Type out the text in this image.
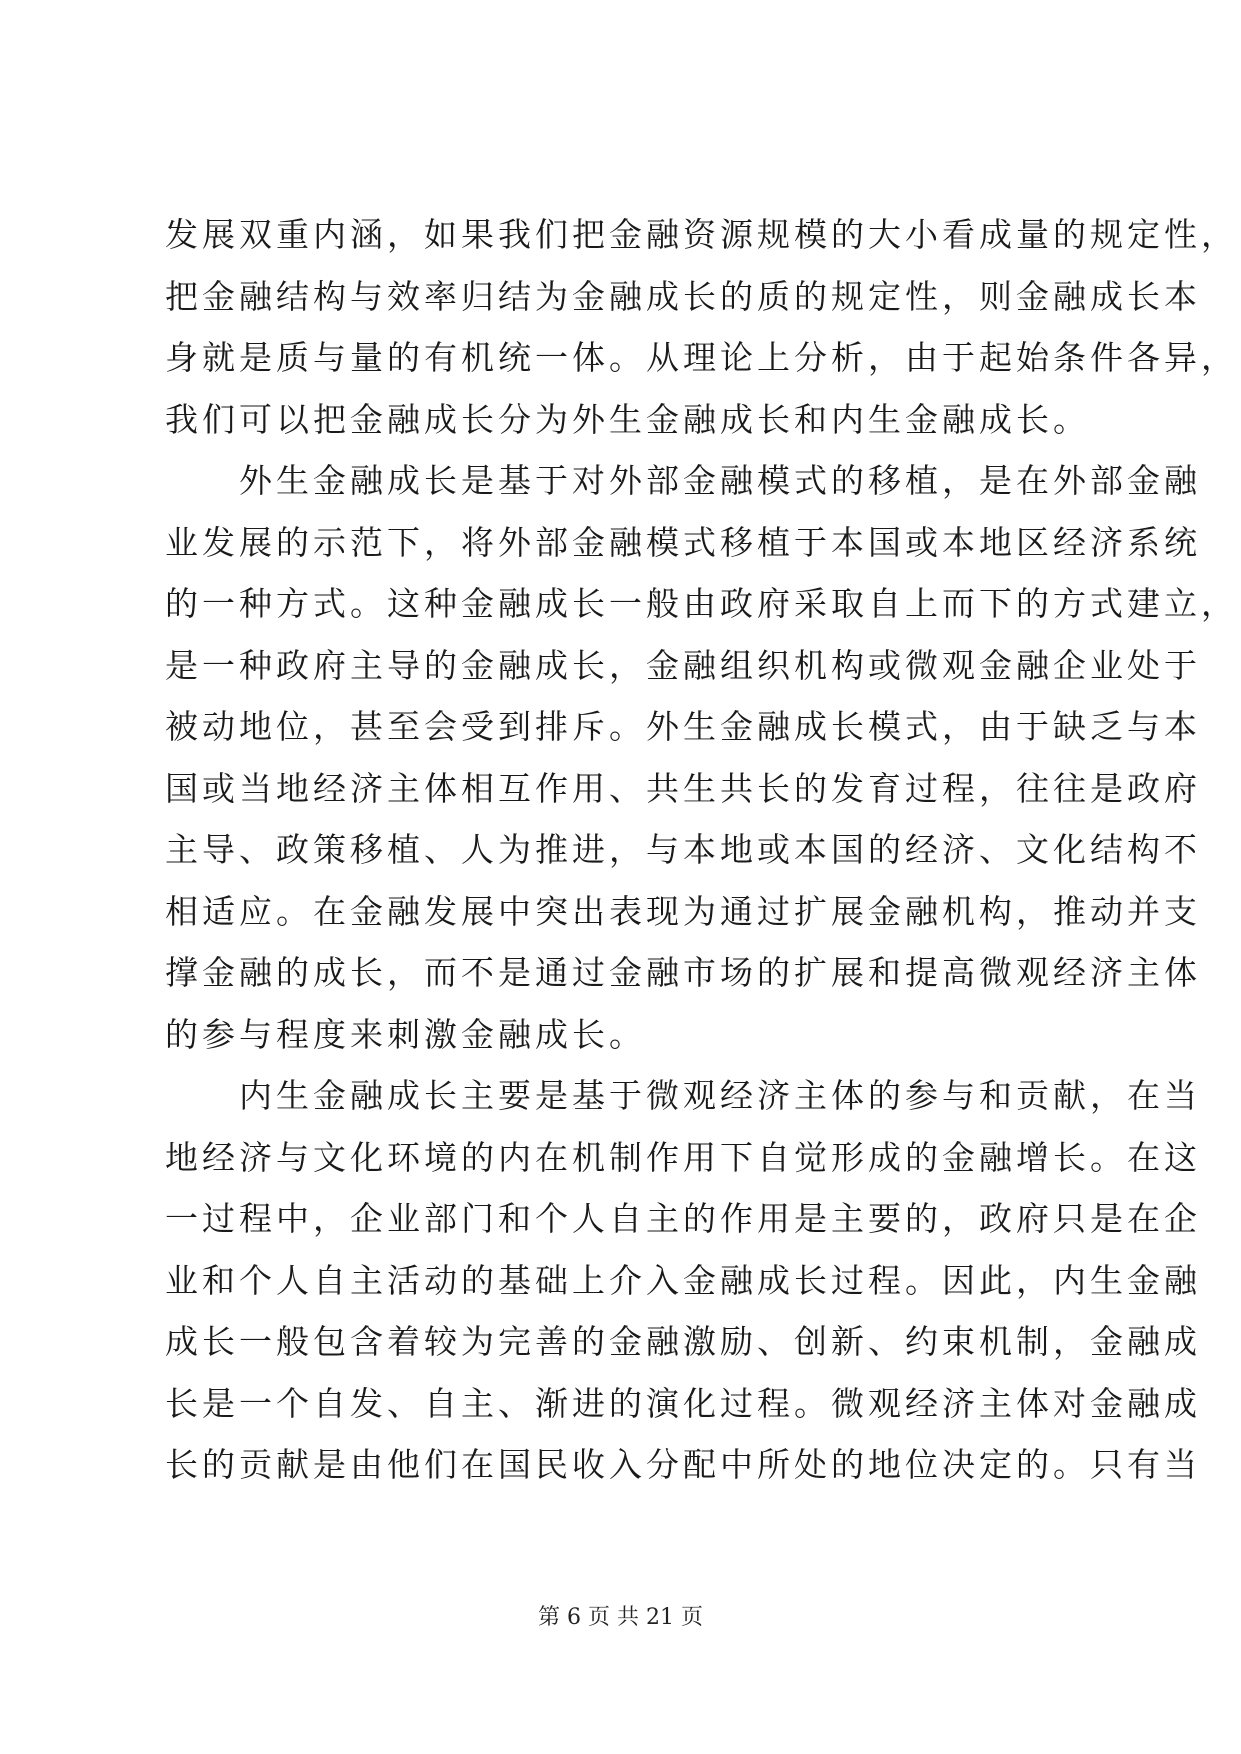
发展双重内涵，如果我们把金融资源规模的大小看成量的规定性，
把金融结构与效率归结为金融成长的质的规定性，则金融成长本
身就是质与量的有机统一体。从理论上分析，由于起始条件各异，
我们可以把金融成长分为外生金融成长和内生金融成长。
　　外生金融成长是基于对外部金融模式的移植，是在外部金融
业发展的示范下，将外部金融模式移植于本国或本地区经济系统
的一种方式。这种金融成长一般由政府采取自上而下的方式建立，
是一种政府主导的金融成长，金融组织机构或微观金融企业处于
被动地位，甚至会受到排斥。外生金融成长模式，由于缺乏与本
国或当地经济主体相互作用、共生共长的发育过程，往往是政府
主导、政策移植、人为推进，与本地或本国的经济、文化结构不
相适应。在金融发展中突出表现为通过扩展金融机构，推动并支
撑金融的成长，而不是通过金融市场的扩展和提高微观经济主体
的参与程度来刺激金融成长。
　　内生金融成长主要是基于微观经济主体的参与和贡献，在当
地经济与文化环境的内在机制作用下自觉形成的金融增长。在这
一过程中，企业部门和个人自主的作用是主要的，政府只是在企
业和个人自主活动的基础上介入金融成长过程。因此，内生金融
成长一般包含着较为完善的金融激励、创新、约束机制，金融成
长是一个自发、自主、渐进的演化过程。微观经济主体对金融成
长的贡献是由他们在国民收入分配中所处的地位决定的。只有当
第 6 页 共 21 页
